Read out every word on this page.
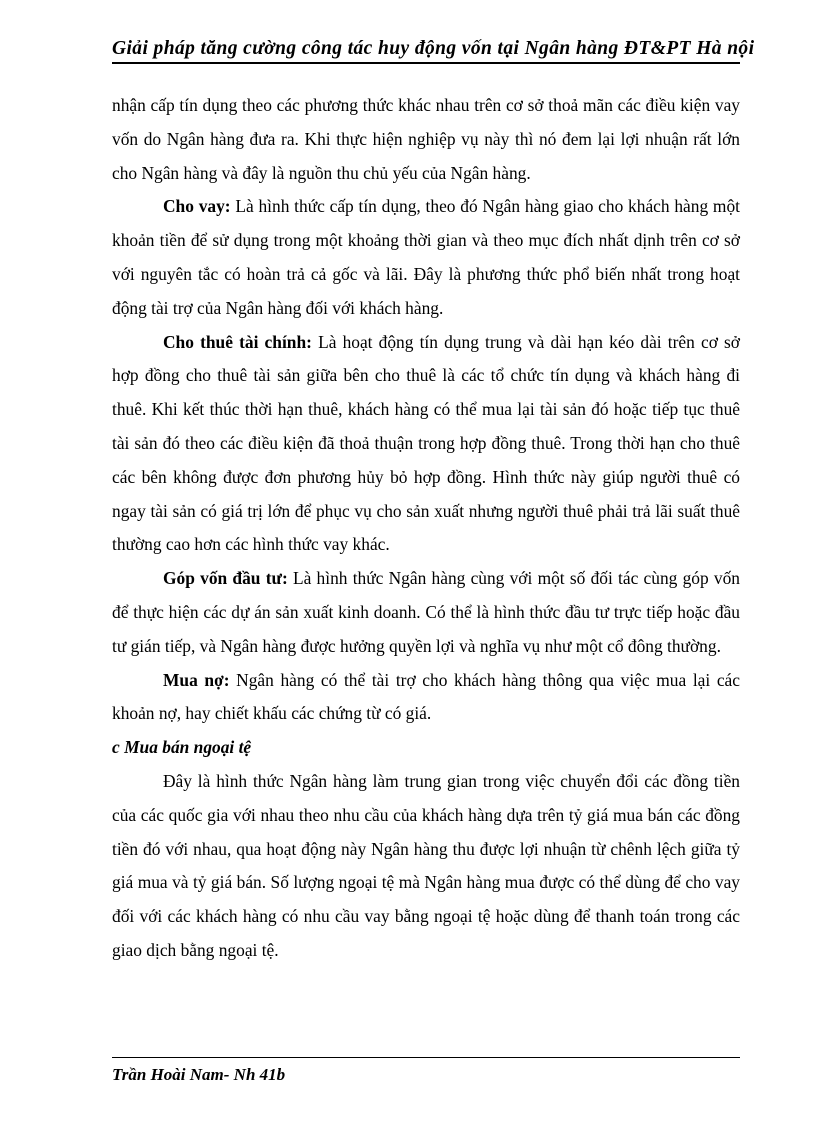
Giải pháp tăng cường công tác huy động vốn tại Ngân hàng ĐT&PT Hà nội

nhận cấp tín dụng theo các phương thức khác nhau trên cơ sở thoả mãn các điều kiện vay vốn do Ngân hàng đưa ra. Khi thực hiện nghiệp vụ này thì nó đem lại lợi nhuận rất lớn cho Ngân hàng và đây là nguồn thu chủ yếu của Ngân hàng.

Cho vay: Là hình thức cấp tín dụng, theo đó Ngân hàng giao cho khách hàng một khoản tiền để sử dụng trong một khoảng thời gian và theo mục đích nhất dịnh trên cơ sở với nguyên tắc có hoàn trả cả gốc và lãi. Đây là phương thức phổ biến nhất trong hoạt động tài trợ của Ngân hàng đối với khách hàng.

Cho thuê tài chính: Là hoạt động tín dụng trung và dài hạn kéo dài trên cơ sở hợp đồng cho thuê tài sản giữa bên cho thuê là các tổ chức tín dụng và khách hàng đi thuê. Khi kết thúc thời hạn thuê, khách hàng có thể mua lại tài sản đó hoặc tiếp tục thuê tài sản đó theo các điều kiện đã thoả thuận trong hợp đồng thuê. Trong thời hạn cho thuê các bên không được đơn phương hủy bỏ hợp đồng. Hình thức này giúp người thuê có ngay tài sản có giá trị lớn để phục vụ cho sản xuất nhưng người thuê phải trả lãi suất thuê thường cao hơn các hình thức vay khác.

Góp vốn đầu tư: Là hình thức Ngân hàng cùng với một số đối tác cùng góp vốn để thực hiện các dự án sản xuất kinh doanh. Có thể là hình thức đầu tư trực tiếp hoặc đầu tư gián tiếp, và Ngân hàng được hưởng quyền lợi và nghĩa vụ như một cổ đông thường.

Mua nợ: Ngân hàng có thể tài trợ cho khách hàng thông qua việc mua lại các khoản nợ, hay chiết khấu các chứng từ có giá.

c Mua bán ngoại tệ

Đây là hình thức Ngân hàng làm trung gian trong việc chuyển đổi các đồng tiền của các quốc gia với nhau theo nhu cầu của khách hàng dựa trên tỷ giá mua bán các đồng tiền đó với nhau, qua hoạt động này Ngân hàng thu được lợi nhuận từ chênh lệch giữa tỷ giá mua và tỷ giá bán. Số lượng ngoại tệ mà Ngân hàng mua được có thể dùng để cho vay đối với các khách hàng có nhu cầu vay bằng ngoại tệ hoặc dùng để thanh toán trong các giao dịch bằng ngoại tệ.

Trần Hoài Nam- Nh 41b
